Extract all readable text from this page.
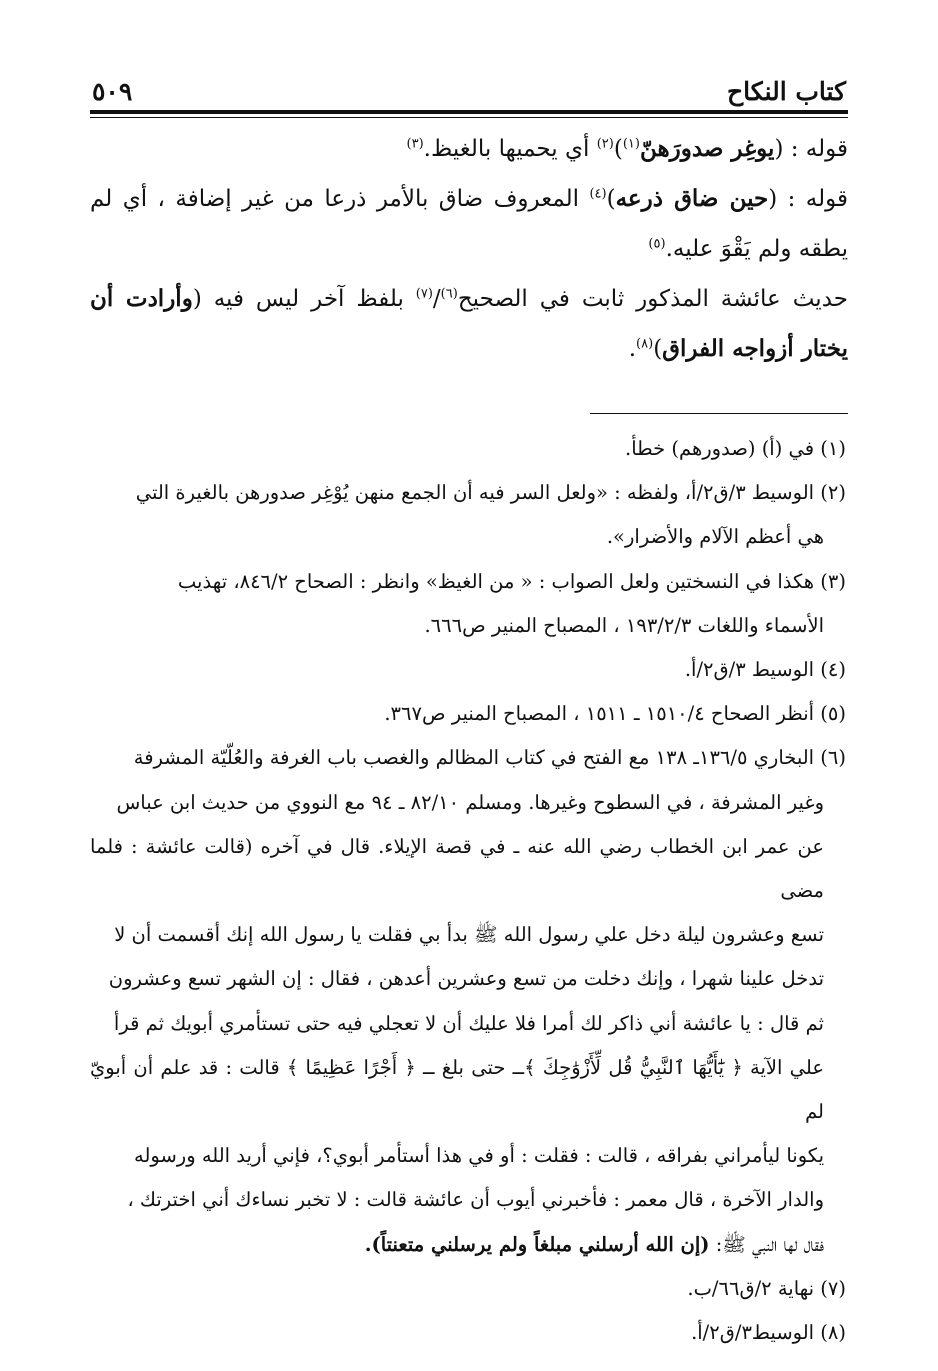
كتاب النكاح
٥٠٩

قوله : (يوغِر صدورَهنّ$^{(١)}$)$^{(٢)}$ أي يحميها بالغيظ.$^{(٣)}$

قوله : (حين ضاق ذرعه)$^{(٤)}$ المعروف ضاق بالأمر ذرعا من غير إضافة ، أي لم يطقه ولم يَقْوَ عليه.$^{(٥)}$

حديث عائشة المذكور ثابت في الصحيح$^{(٦)}$/$^{(٧)}$ بلفظ آخر ليس فيه (وأرادت أن يختار أزواجه الفراق)$^{(٨)}$.

(١) في (أ) (صدورهم) خطأ.
(٢) الوسيط ٣/ق٢/أ، ولفظه : «ولعل السر فيه أن الجمع منهن يُوْغِر صدورهن بالغيرة التي
هي أعظم الآلام والأضرار».
(٣) هكذا في النسختين ولعل الصواب : « من الغيظ» وانظر : الصحاح ٨٤٦/٢، تهذيب
الأسماء واللغات ١٩٣/٢/٣ ، المصباح المنير ص٦٦٦.
(٤) الوسيط ٣/ق٢/أ.
(٥) أنظر الصحاح ١٥١٠/٤ ـ ١٥١١ ، المصباح المنير ص٣٦٧.
(٦) البخاري ١٣٦/٥ـ ١٣٨ مع الفتح في كتاب المظالم والغصب باب الغرفة والعُلّيّة المشرفة
وغير المشرفة ، في السطوح وغيرها. ومسلم ٨٢/١٠ ـ ٩٤ مع النووي من حديث ابن عباس
عن عمر ابن الخطاب رضي الله عنه ـ في قصة الإيلاء. قال في آخره (قالت عائشة : فلما مضى
تسع وعشرون ليلة دخل علي رسول الله ﷺ بدأ بي فقلت يا رسول الله إنك أقسمت أن لا
تدخل علينا شهرا ، وإنك دخلت من تسع وعشرين أعدهن ، فقال : إن الشهر تسع وعشرون
ثم قال : يا عائشة أني ذاكر لك أمرا فلا عليك أن لا تعجلي فيه حتى تستأمري أبويك ثم قرأ
علي الآية ﴿ يَٰٓأَيُّهَا ٱلنَّبِيُّ قُل لِّأَزْوَٰجِكَ ﴾ــ حتى بلغ ــ ﴿ أَجْرًا عَظِيمًا ﴾ قالت : قد علم أن أبويّ لم
يكونا ليأمراني بفراقه ، قالت : فقلت : أو في هذا أستأمر أبوي؟، فإني أريد الله ورسوله
والدار الآخرة ، قال معمر : فأخبرني أيوب أن عائشة قالت : لا تخبر نساءك أني اخترتك ،
فقال لها النبي ﷺ: (إن الله أرسلني مبلغاً ولم يرسلني متعنتاً).
(٧) نهاية ٢/ق٦٦/ب.
(٨) الوسيط٣/ق٢/أ.
